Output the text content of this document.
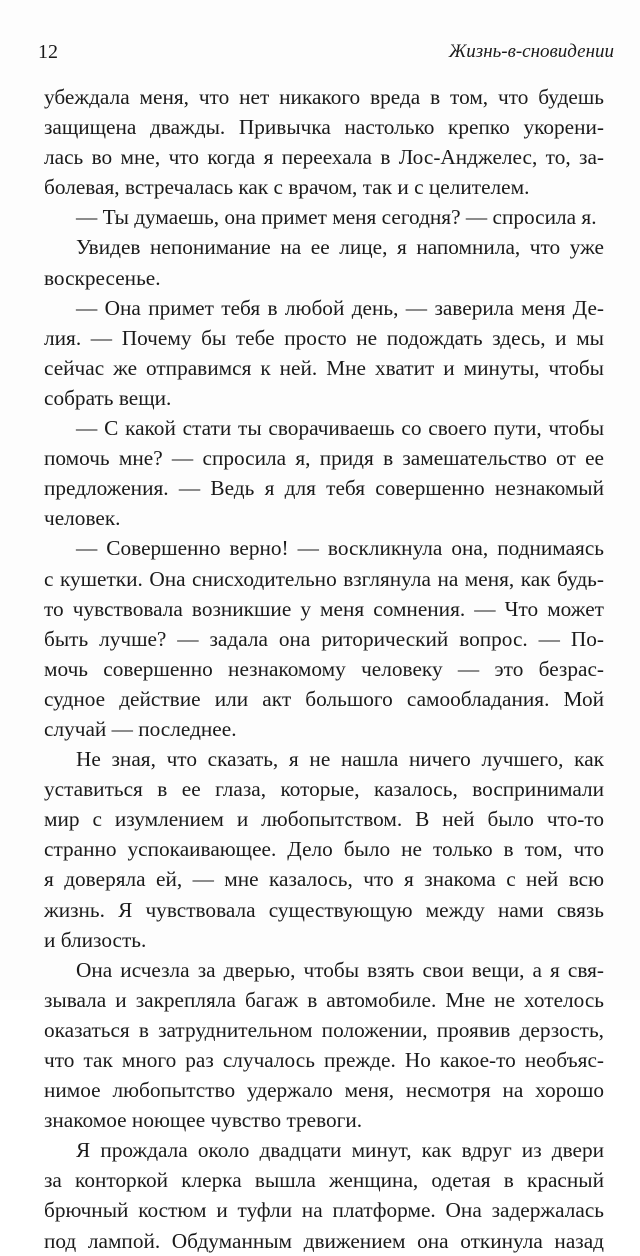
12	Жизнь-в-сновидении

убеждала меня, что нет никакого вреда в том, что будешь
защищена дважды. Привычка настолько крепко укорени-
лась во мне, что когда я переехала в Лос-Анджелес, то, за-
болевая, встречалась как с врачом, так и с целителем.

— Ты думаешь, она примет меня сегодня? — спросила я.

Увидев непонимание на ее лице, я напомнила, что уже
воскресенье.

— Она примет тебя в любой день, — заверила меня Де-
лия. — Почему бы тебе просто не подождать здесь, и мы
сейчас же отправимся к ней. Мне хватит и минуты, чтобы
собрать вещи.

— С какой стати ты сворачиваешь со своего пути, чтобы
помочь мне? — спросила я, придя в замешательство от ее
предложения. — Ведь я для тебя совершенно незнакомый
человек.

— Совершенно верно! — воскликнула она, поднимаясь
с кушетки. Она снисходительно взглянула на меня, как будь-
то чувствовала возникшие у меня сомнения. — Что может
быть лучше? — задала она риторический вопрос. — По-
мочь совершенно незнакомому человеку — это безрас-
судное действие или акт большого самообладания. Мой
случай — последнее.

Не зная, что сказать, я не нашла ничего лучшего, как
уставиться в ее глаза, которые, казалось, воспринимали
мир с изумлением и любопытством. В ней было что-то
странно успокаивающее. Дело было не только в том, что
я доверяла ей, — мне казалось, что я знакома с ней всю
жизнь. Я чувствовала существующую между нами связь
и близость.

Она исчезла за дверью, чтобы взять свои вещи, а я свя-
зывала и закрепляла багаж в автомобиле. Мне не хотелось
оказаться в затруднительном положении, проявив дерзость,
что так много раз случалось прежде. Но какое-то необъяс-
нимое любопытство удержало меня, несмотря на хорошо
знакомое ноющее чувство тревоги.

Я прождала около двадцати минут, как вдруг из двери
за конторкой клерка вышла женщина, одетая в красный
брючный костюм и туфли на платформе. Она задержалась
под лампой. Обдуманным движением она откинула назад
